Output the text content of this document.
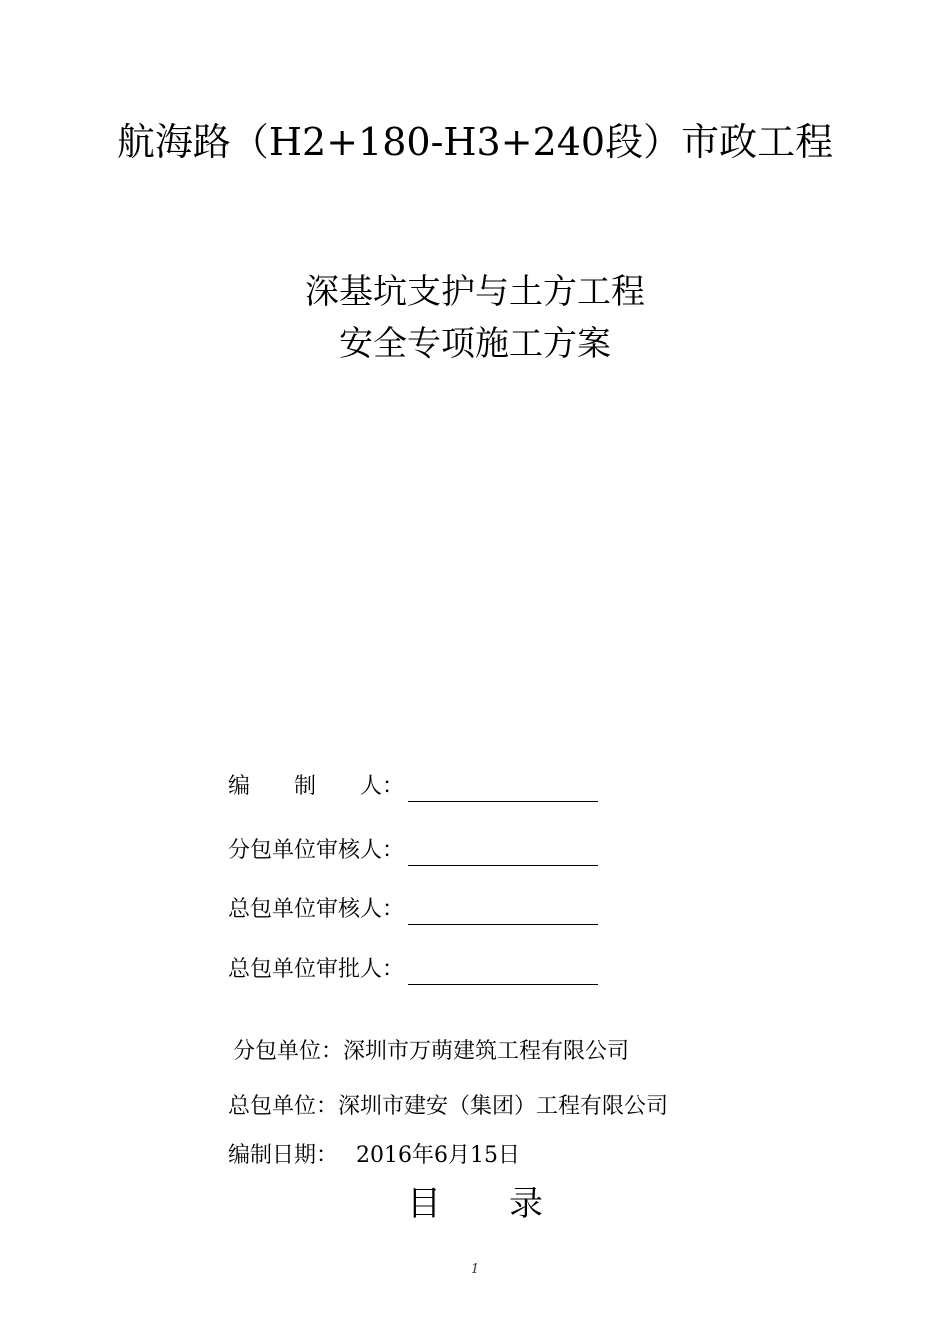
航海路（H2+180-H3+240段）市政工程
深基坑支护与土方工程
安全专项施工方案
编　　制　　人：
分包单位审核人：
总包单位审核人：
总包单位审批人：
分包单位：深圳市万萌建筑工程有限公司
总包单位：深圳市建安（集团）工程有限公司
编制日期：　 2016年6月15日
目　　录
1
